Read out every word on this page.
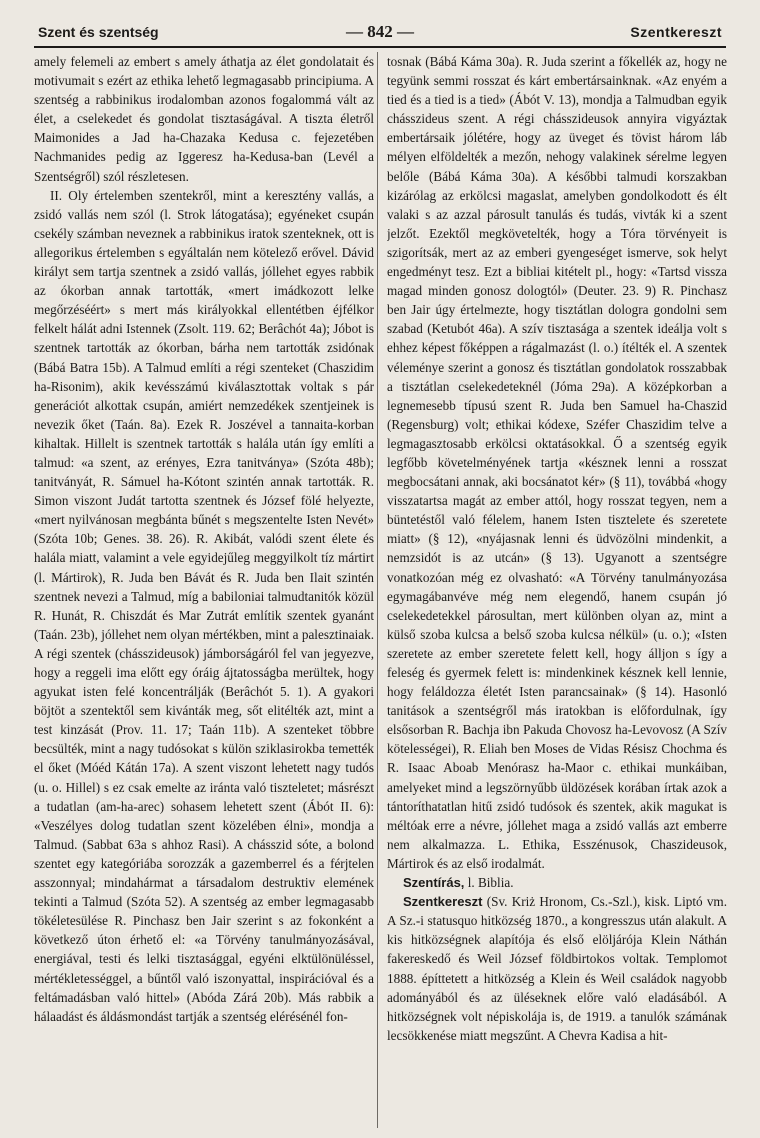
Szent és szentség	— 842 —	Szentkereszt

amely felemeli az embert s amely áthatja az élet gondolatait és motivumait s ezért az ethika lehető legmagasabb principiuma. A szentség a rabbinikus irodalomban azonos fogalommá vált az élet, a cselekedet és gondolat tisztaságával. A tiszta életről Maimonides a Jad ha-Chazaka Kedusa c. fejezetében Nachmanides pedig az Iggeresz ha-Kedusa-ban (Levél a Szentségről) szól részletesen.

II. Oly értelemben szentekről, mint a keresztény vallás, a zsidó vallás nem szól (l. Strok látogatása); egyéneket csupán csekély számban neveznek a rabbinikus iratok szenteknek, ott is allegorikus értelemben s egyáltalán nem kötelező erővel. Dávid királyt sem tartja szentnek a zsidó vallás, jóllehet egyes rabbik az ókorban annak tartották, «mert imádkozott lelke megőrzéséért» s mert más királyokkal ellentétben éjfélkor felkelt hálát adni Istennek (Zsolt. 119. 62; Berâchót 4a); Jóbot is szentnek tartották az ókorban, bárha nem tartották zsidónak (Bábá Batra 15b). A Talmud említi a régi szenteket (Chaszidim ha-Risonim), akik kevésszámú kiválasztottak voltak s pár generációt alkottak csupán, amiért nemzedékek szentjeinek is nevezik őket (Taán. 8a). Ezek R. Joszével a tannaita-korban kihaltak. Hillelt is szentnek tartották s halála után így említi a talmud: «a szent, az erényes, Ezra tanitványa» (Szóta 48b); tanitványát, R. Sámuel ha-Kótont szintén annak tartották. R. Simon viszont Judát tartotta szentnek és József fölé helyezte, «mert nyilvánosan megbánta bűnét s megszentelte Isten Nevét» (Szóta 10b; Genes. 38. 26). R. Akibát, valódi szent élete és halála miatt, valamint a vele egyidejűleg meggyilkolt tíz mártirt (l. Mártirok), R. Juda ben Bávát és R. Juda ben Ilait szintén szentnek nevezi a Talmud, míg a babiloniai talmudtanitók közül R. Hunát, R. Chiszdát és Mar Zutrát említik szentek gyanánt (Taán. 23b), jóllehet nem olyan mértékben, mint a palesztinaiak. A régi szentek (chásszideusok) jámborságáról fel van jegyezve, hogy a reggeli ima előtt egy óráig ájtatosságba merültek, hogy agyukat isten felé koncentrálják (Berâchót 5. 1). A gyakori böjtöt a szentektől sem kivánták meg, sőt elitélték azt, mint a test kinzását (Prov. 11. 17; Taán 11b). A szenteket többre becsülték, mint a nagy tudósokat s külön sziklasirokba temették el őket (Móéd Kátán 17a). A szent viszont lehetett nagy tudós (u. o. Hillel) s ez csak emelte az iránta való tiszteletet; másrészt a tudatlan (am-ha-arec) sohasem lehetett szent (Ábót II. 6): «Veszélyes dolog tudatlan szent közelében élni», mondja a Talmud. (Sabbat 63a s ahhoz Rasi). A chásszid sóte, a bolond szentet egy kategóriába sorozzák a gazemberrel és a férjtelen asszonnyal; mindahármat a társadalom destruktiv elemének tekinti a Talmud (Szóta 52). A szentség az ember legmagasabb tökéletesülése R. Pinchasz ben Jair szerint s az fokonként a következő úton érhető el: «a Törvény tanulmányozásával, energiával, testi és lelki tisztasággal, egyéni elktülönüléssel, mértékletességgel, a bűntől való iszonyattal, inspirációval és a feltámadásban való hittel» (Abóda Zárá 20b). Más rabbik a hálaadást és áldásmondást tartják a szentség elérésénél fon-

tosnak (Bábá Káma 30a). R. Juda szerint a főkellék az, hogy ne tegyünk semmi rosszat és kárt embertársainknak. «Az enyém a tied és a tied is a tied» (Ábót V. 13), mondja a Talmudban egyik chásszideus szent. A régi chásszideusok annyira vigyáztak embertársaik jólétére, hogy az üveget és tövist három láb mélyen elföldelték a mezőn, nehogy valakinek sérelme legyen belőle (Bábá Káma 30a). A későbbi talmudi korszakban kizárólag az erkölcsi magaslat, amelyben gondolkodott és élt valaki s az azzal párosult tanulás és tudás, vivták ki a szent jelzőt. Ezektől megkövetelték, hogy a Tóra törvényeit is szigorítsák, mert az az emberi gyengeséget ismerve, sok helyt engedményt tesz. Ezt a bibliai kitételt pl., hogy: «Tartsd vissza magad minden gonosz dologtól» (Deuter. 23. 9) R. Pinchasz ben Jair úgy értelmezte, hogy tisztátlan dologra gondolni sem szabad (Ketubót 46a). A szív tisztasága a szentek ideálja volt s ehhez képest főképpen a rágalmazást (l. o.) ítélték el. A szentek véleménye szerint a gonosz és tisztátlan gondolatok rosszabbak a tisztátlan cselekedeteknél (Jóma 29a). A középkorban a legnemesebb típusú szent R. Juda ben Samuel ha-Chaszid (Regensburg) volt; ethikai kódexe, Széfer Chaszidim telve a legmagasztosabb erkölcsi oktatásokkal. Ő a szentség egyik legfőbb követelményének tartja «késznek lenni a rosszat megbocsátani annak, aki bocsánatot kér» (§ 11), továbbá «hogy visszatartsa magát az ember attól, hogy rosszat tegyen, nem a büntetéstől való félelem, hanem Isten tisztelete és szeretete miatt» (§ 12), «nyájasnak lenni és üdvözölni mindenkit, a nemzsidót is az utcán» (§ 13). Ugyanott a szentségre vonatkozóan még ez olvasható: «A Törvény tanulmányozása egymagábanvéve még nem elegendő, hanem csupán jó cselekedetekkel párosultan, mert különben olyan az, mint a külső szoba kulcsa a belső szoba kulcsa nélkül» (u. o.); «Isten szeretete az ember szeretete felett kell, hogy álljon s így a feleség és gyermek felett is: mindenkinek késznek kell lennie, hogy feláldozza életét Isten parancsainak» (§ 14). Hasonló tanitások a szentségről más iratokban is előfordulnak, így elsősorban R. Bachja ibn Pakuda Chovosz ha-Levovosz (A Szív kötelességei), R. Eliah ben Moses de Vidas Résisz Chochma és R. Isaac Aboab Menórasz ha-Maor c. ethikai munkáiban, amelyeket mind a legszörnyűbb üldözések korában írtak azok a tántoríthatatlan hitű zsidó tudósok és szentek, akik magukat is méltóak erre a névre, jóllehet maga a zsidó vallás azt emberre nem alkalmazza. L. Ethika, Esszénusok, Chaszideusok, Mártirok és az első irodalmát.

Szentírás, l. Biblia.

Szentkereszt (Sv. Kriż Hronom, Cs.-Szl.), kisk. Liptó vm. A Sz.-i statusquo hitközség 1870., a kongresszus után alakult. A kis hitközségnek alapítója és első elöljárója Klein Náthán fakereskedő és Weil József földbirtokos voltak. Templomot 1888. építtetett a hitközség a Klein és Weil családok nagyobb adományából és az üléseknek előre való eladásából. A hitközségnek volt népiskolája is, de 1919. a tanulók számának lecsökkenése miatt megszűnt. A Chevra Kadisa a hit-
